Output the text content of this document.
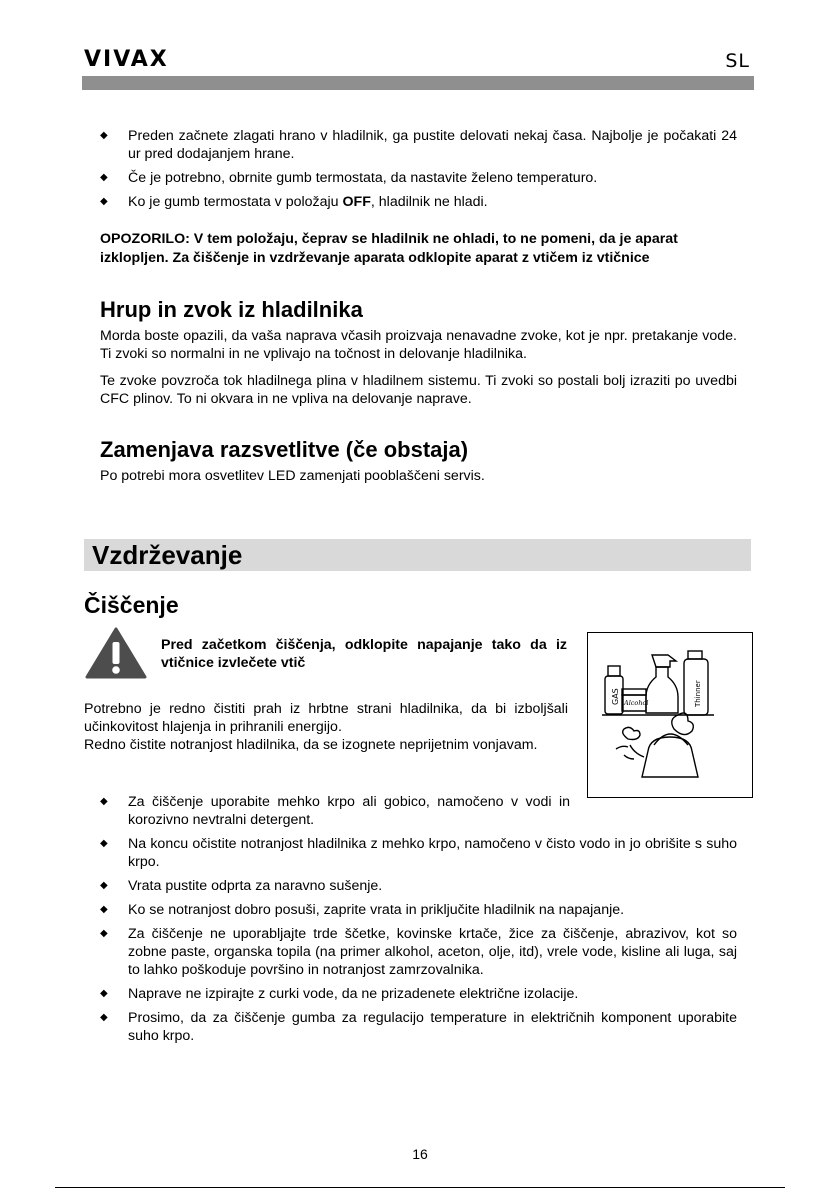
VIVAX	SL
◆ Preden začnete zlagati hrano v hladilnik, ga pustite delovati nekaj časa. Najbolje je počakati 24 ur pred dodajanjem hrane.
◆ Če je potrebno, obrnite gumb termostata, da nastavite želeno temperaturo.
◆ Ko je gumb termostata v položaju OFF, hladilnik ne hladi.

OPOZORILO: V tem položaju, čeprav se hladilnik ne ohladi, to ne pomeni, da je aparat izklopljen. Za čiščenje in vzdrževanje aparata odklopite aparat z vtičem iz vtičnice

Hrup in zvok iz hladilnika

Morda boste opazili, da vaša naprava včasih proizvaja nenavadne zvoke, kot je npr. pretakanje vode. Ti zvoki so normalni in ne vplivajo na točnost in delovanje hladilnika.

Te zvoke povzroča tok hladilnega plina v hladilnem sistemu. Ti zvoki so postali bolj izraziti po uvedbi CFC plinov. To ni okvara in ne vpliva na delovanje naprave.

Zamenjava razsvetlitve (če obstaja)

Po potrebi mora osvetlitev LED zamenjati pooblaščeni servis.

Vzdrževanje
Čiščenje

Pred začetkom čiščenja, odklopite napajanje tako da iz vtičnice izvlečete vtič

Potrebno je redno čistiti prah iz hrbtne strani hladilnika, da bi izboljšali učinkovitost hlajenja in prihranili energijo.

Redno čistite notranjost hladilnika, da se izognete neprijetnim vonjavam.

GAS Alcohol	Thinner
◆ Za čiščenje uporabite mehko krpo ali gobico, namočeno v vodi in korozivno nevtralni detergent.
◆ Na koncu očistite notranjost hladilnika z mehko krpo, namočeno v čisto vodo in jo obrišite s suho krpo.
◆ Vrata pustite odprta za naravno sušenje.
◆ Ko se notranjost dobro posuši, zaprite vrata in priključite hladilnik na napajanje.
◆ Za čiščenje ne uporabljajte trde ščetke, kovinske krtače, žice za čiščenje, abrazivov, kot so zobne paste, organska topila (na primer alkohol, aceton, olje, itd), vrele vode, kisline ali luga, saj to lahko poškoduje površino in notranjost zamrzovalnika.
◆ Naprave ne izpirajte z curki vode, da ne prizadenete električne izolacije.
◆ Prosimo, da za čiščenje gumba za regulacijo temperature in električnih komponent uporabite suho krpo.
16
